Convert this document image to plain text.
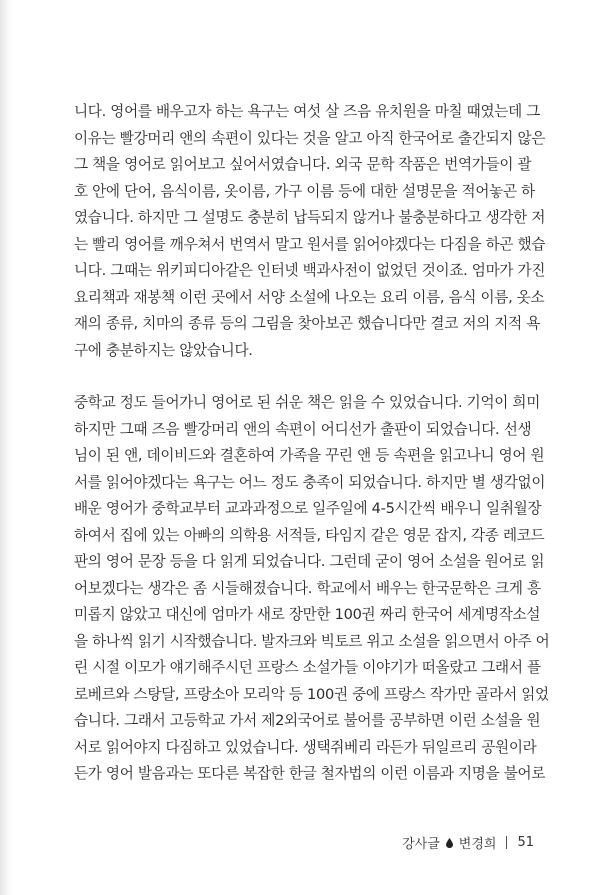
니다. 영어를 배우고자 하는 욕구는 여섯 살 즈음 유치원을 마칠 때였는데 그
이유는 빨강머리 앤의 속편이 있다는 것을 알고 아직 한국어로 출간되지 않은
그 책을 영어로 읽어보고 싶어서였습니다. 외국 문학 작품은 번역가들이 괄
호 안에 단어, 음식이름, 옷이름, 가구 이름 등에 대한 설명문을 적어놓곤 하
였습니다. 하지만 그 설명도 충분히 납득되지 않거나 불충분하다고 생각한 저
는 빨리 영어를 깨우쳐서 번역서 말고 원서를 읽어야겠다는 다짐을 하곤 했습
니다. 그때는 위키피디아같은 인터넷 백과사전이 없었던 것이죠. 엄마가 가진
요리책과 재봉책 이런 곳에서 서양 소설에 나오는 요리 이름, 음식 이름, 옷소
재의 종류, 치마의 종류 등의 그림을 찾아보곤 했습니다만 결코 저의 지적 욕
구에 충분하지는 않았습니다.
중학교 정도 들어가니 영어로 된 쉬운 책은 읽을 수 있었습니다. 기억이 희미
하지만 그때 즈음 빨강머리 앤의 속편이 어디선가 출판이 되었습니다. 선생
님이 된 앤, 데이비드와 결혼하여 가족을 꾸린 앤 등 속편을 읽고나니 영어 원
서를 읽어야겠다는 욕구는 어느 정도 충족이 되었습니다. 하지만 별 생각없이
배운 영어가 중학교부터 교과과정으로 일주일에 4-5시간씩 배우니 일취월장
하여서 집에 있는 아빠의 의학용 서적들, 타임지 같은 영문 잡지, 각종 레코드
판의 영어 문장 등을 다 읽게 되었습니다. 그런데 굳이 영어 소설을 원어로 읽
어보겠다는 생각은 좀 시들해졌습니다. 학교에서 배우는 한국문학은 크게 흥
미롭지 않았고 대신에 엄마가 새로 장만한 100권 짜리 한국어 세계명작소설
을 하나씩 읽기 시작했습니다. 발자크와 빅토르 위고 소설을 읽으면서 아주 어
린 시절 이모가 얘기해주시던 프랑스 소설가들 이야기가 떠올랐고 그래서 플
로베르와 스탕달, 프랑소아 모리악 등 100권 중에 프랑스 작가만 골라서 읽었
습니다. 그래서 고등학교 가서 제2외국어로 불어를 공부하면 이런 소설을 원
서로 읽어야지 다짐하고 있었습니다. 생택쥐베리 라든가 뒤일르리 공원이라
든가 영어 발음과는 또다른 복잡한 한글 철자법의 이런 이름과 지명을 불어로
강사글 변경희 51
